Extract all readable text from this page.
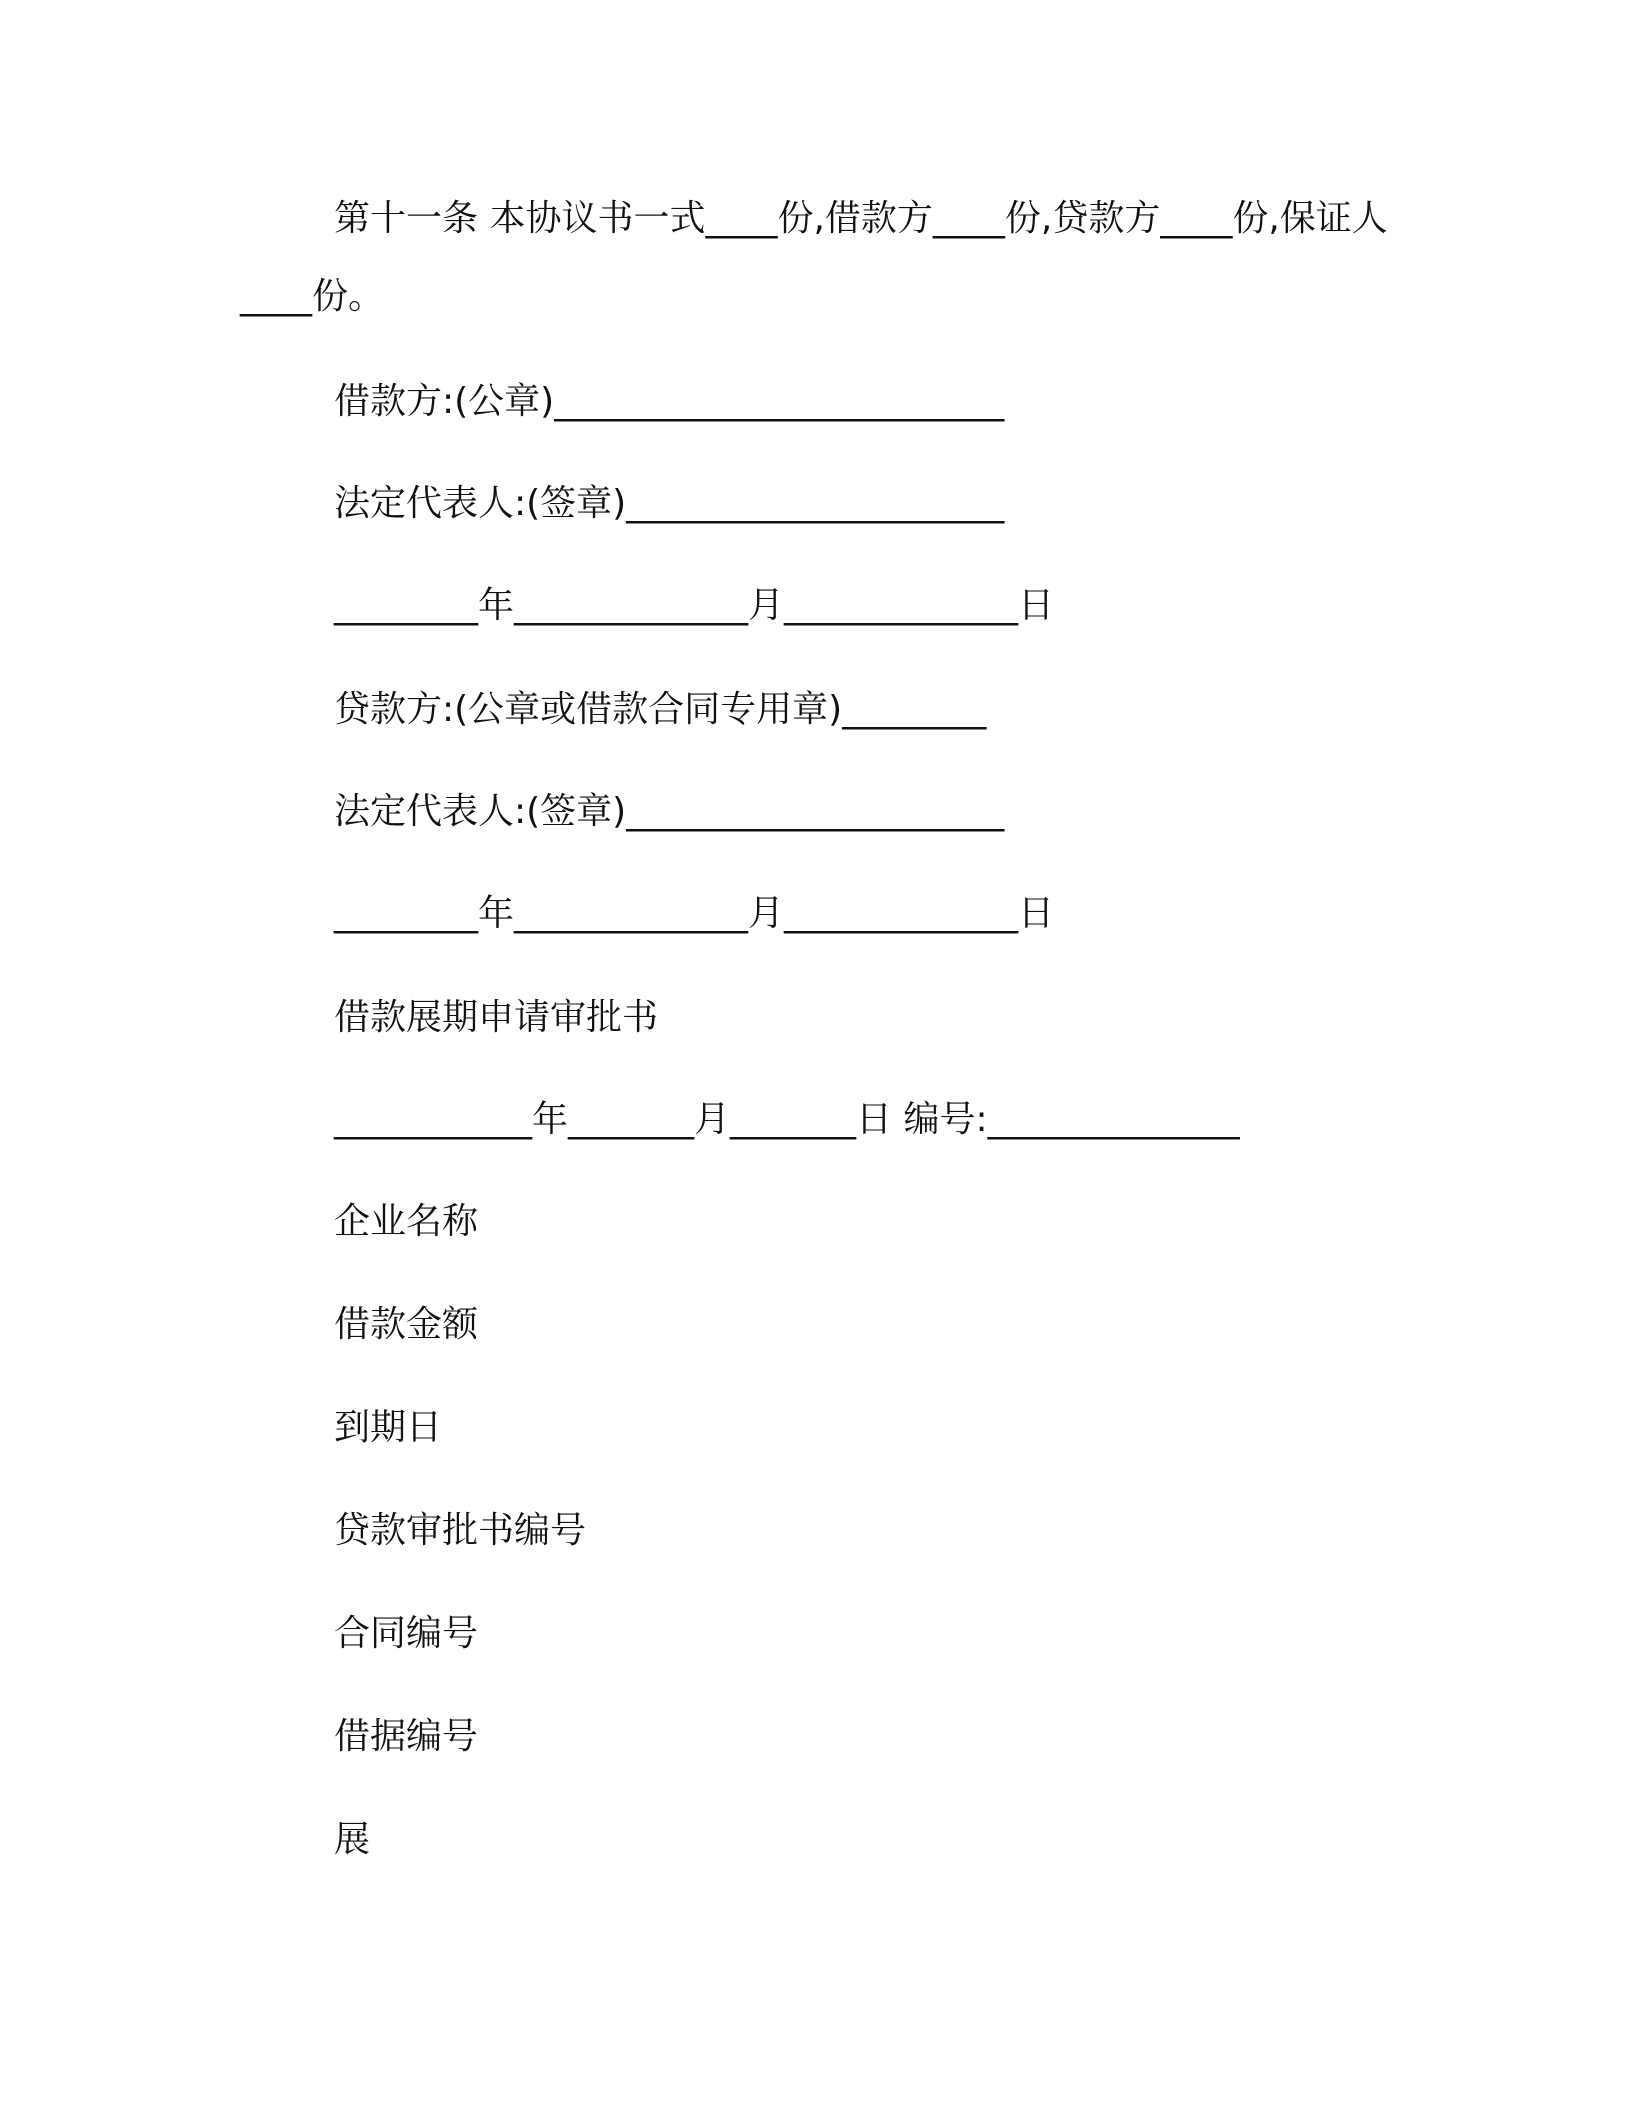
第十一条 本协议书一式____份,借款方____份,贷款方____份,保证人____份。
借款方:(公章)_________________________
法定代表人:(签章)_____________________
________年_____________月_____________日
贷款方:(公章或借款合同专用章)________
法定代表人:(签章)_____________________
________年_____________月_____________日
借款展期申请审批书
___________年_______月_______日 编号:______________
企业名称
借款金额
到期日
贷款审批书编号
合同编号
借据编号
展
